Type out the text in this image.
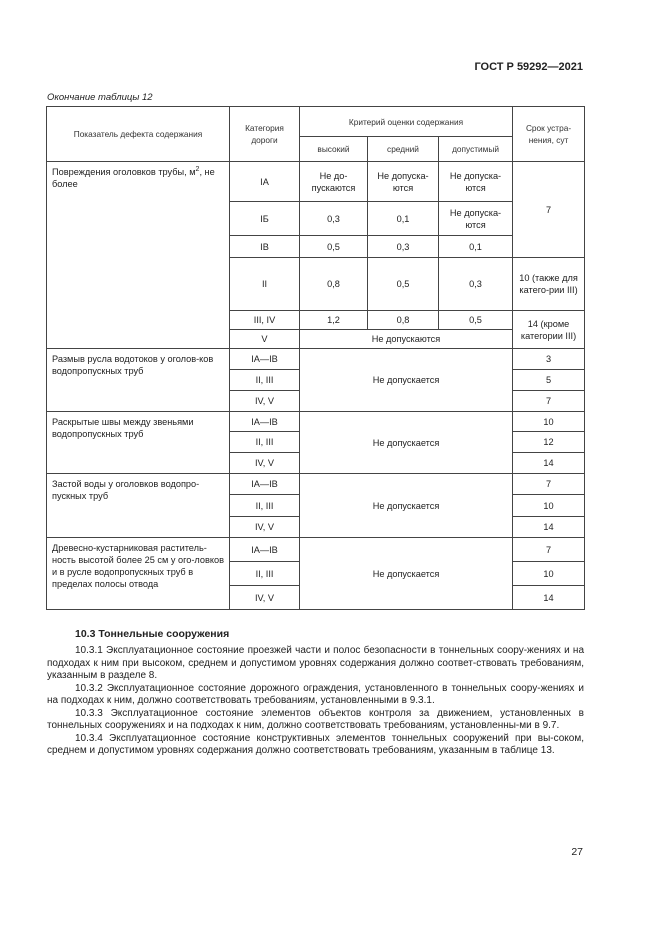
ГОСТ Р 59292—2021
Окончание таблицы 12
Показатель дефекта содержания	Категория дороги	Критерий оценки содержания			Срок устра-нения, сут
		высокий	средний	допустимый	
Повреждения оголовков трубы, $м^2$, не более	IA	Не до-пускаются	Не допуска-ются	Не допуска-ются	7
	IБ	0,3	0,1	Не допуска-ются	
	IB	0,5	0,3	0,1	
	II	0,8	0,5	0,3	10 (также для катего-рии III)
	III, IV	1,2	0,8	0,5	14 (кроме категории III)
	V	Не допускаются			
Размыв русла водотоков у оголов-ков водопропускных труб	IA—IB	Не допускается			3
	II, III				5
	IV, V				7
Раскрытые швы между звеньями водопропускных труб	IA—IB	Не допускается			10
	II, III				12
	IV, V				14
Застой воды у оголовков водопро-пускных труб	IA—IB	Не допускается			7
	II, III				10
	IV, V				14
Древесно-кустарниковая раститель-ность высотой более 25 см у ого-ловков и в русле водопропускных труб в пределах полосы отвода	IA—IB	Не допускается			7
	II, III				10
	IV, V				14
10.3 Тоннельные сооружения

10.3.1 Эксплуатационное состояние проезжей части и полос безопасности в тоннельных соору-жениях и на подходах к ним при высоком, среднем и допустимом уровнях содержания должно соответ-ствовать требованиям, указанным в разделе 8.

10.3.2 Эксплуатационное состояние дорожного ограждения, установленного в тоннельных соору-жениях и на подходах к ним, должно соответствовать требованиям, установленными в 9.3.1.

10.3.3 Эксплуатационное состояние элементов объектов контроля за движением, установленных в тоннельных сооружениях и на подходах к ним, должно соответствовать требованиям, установленны-ми в 9.7.

10.3.4 Эксплуатационное состояние конструктивных элементов тоннельных сооружений при вы-соком, среднем и допустимом уровнях содержания должно соответствовать требованиям, указанным в таблице 13.

27
